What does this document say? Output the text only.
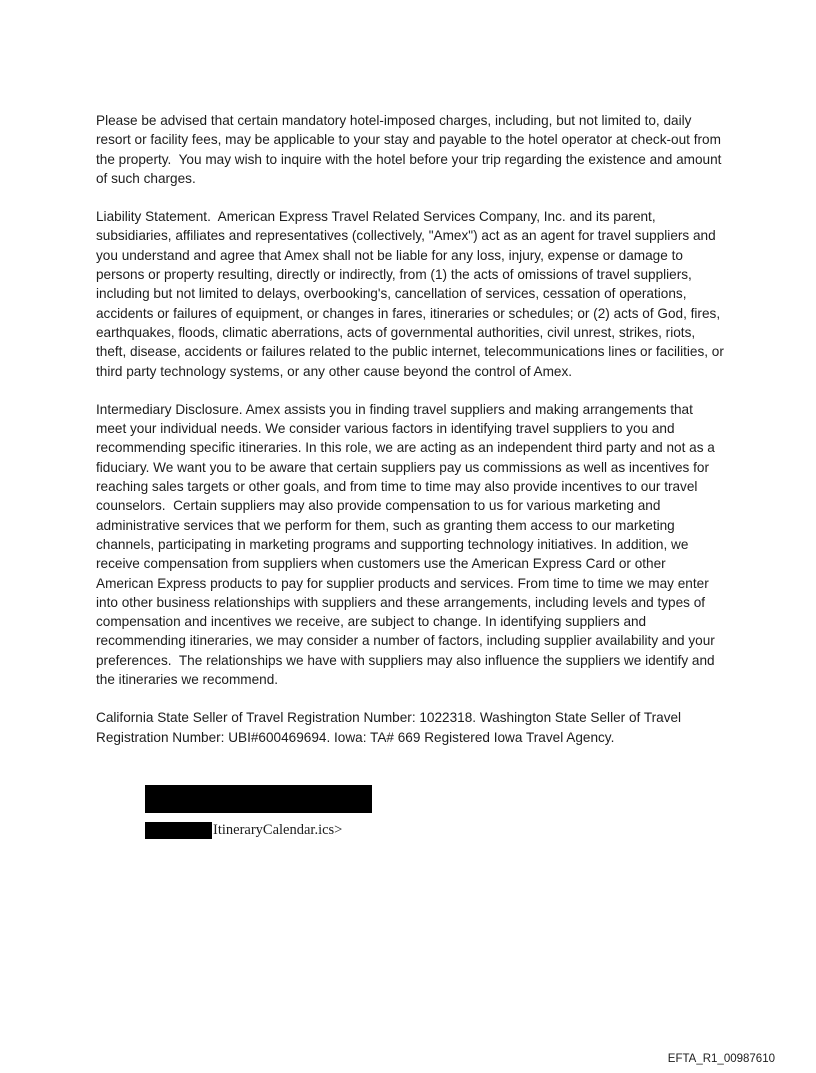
Please be advised that certain mandatory hotel-imposed charges, including, but not limited to, daily resort or facility fees, may be applicable to your stay and payable to the hotel operator at check-out from the property.  You may wish to inquire with the hotel before your trip regarding the existence and amount of such charges.

Liability Statement.  American Express Travel Related Services Company, Inc. and its parent, subsidiaries, affiliates and representatives (collectively, "Amex") act as an agent for travel suppliers and you understand and agree that Amex shall not be liable for any loss, injury, expense or damage to persons or property resulting, directly or indirectly, from (1) the acts of omissions of travel suppliers, including but not limited to delays, overbooking's, cancellation of services, cessation of operations, accidents or failures of equipment, or changes in fares, itineraries or schedules; or (2) acts of God, fires, earthquakes, floods, climatic aberrations, acts of governmental authorities, civil unrest, strikes, riots, theft, disease, accidents or failures related to the public internet, telecommunications lines or facilities, or third party technology systems, or any other cause beyond the control of Amex.

Intermediary Disclosure. Amex assists you in finding travel suppliers and making arrangements that meet your individual needs. We consider various factors in identifying travel suppliers to you and recommending specific itineraries. In this role, we are acting as an independent third party and not as a fiduciary. We want you to be aware that certain suppliers pay us commissions as well as incentives for reaching sales targets or other goals, and from time to time may also provide incentives to our travel counselors.  Certain suppliers may also provide compensation to us for various marketing and administrative services that we perform for them, such as granting them access to our marketing channels, participating in marketing programs and supporting technology initiatives. In addition, we receive compensation from suppliers when customers use the American Express Card or other American Express products to pay for supplier products and services. From time to time we may enter  into other business relationships with suppliers and these arrangements, including levels and types of compensation and incentives we receive, are subject to change. In identifying suppliers and recommending itineraries, we may consider a number of factors, including supplier availability and your preferences.  The relationships we have with suppliers may also influence the suppliers we identify and the itineraries we recommend.

California State Seller of Travel Registration Number: 1022318. Washington State Seller of Travel Registration Number: UBI#600469694. Iowa: TA# 669 Registered Iowa Travel Agency.

ItineraryCalendar.ics>
EFTA_R1_00987610
